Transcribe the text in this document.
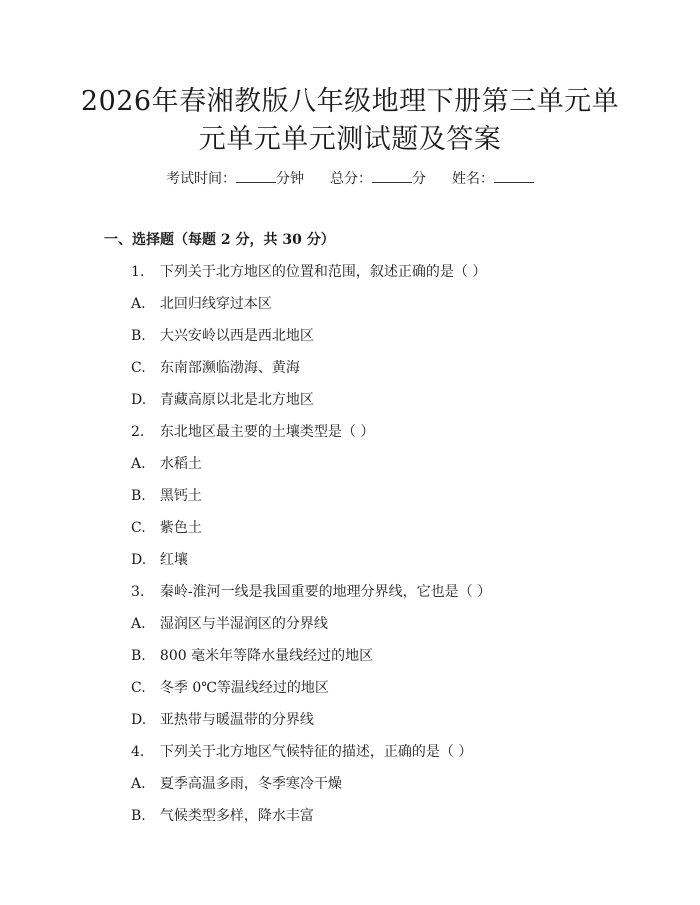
2026年春湘教版八年级地理下册第三单元单
元单元单元测试题及答案
考试时间：	分钟 总分：	分 姓名：
一、选择题（每题 2 分，共 30 分）
1. 下列关于北方地区的位置和范围，叙述正确的是（ ）
A. 北回归线穿过本区
B. 大兴安岭以西是西北地区
C. 东南部濒临渤海、黄海
D. 青藏高原以北是北方地区
2. 东北地区最主要的土壤类型是（ ）
A. 水稻土
B. 黑钙土
C. 紫色土
D. 红壤
3. 秦岭-淮河一线是我国重要的地理分界线，它也是（ ）
A. 湿润区与半湿润区的分界线
B. 800 毫米年等降水量线经过的地区
C. 冬季 0℃等温线经过的地区
D. 亚热带与暖温带的分界线
4. 下列关于北方地区气候特征的描述，正确的是（ ）
A. 夏季高温多雨，冬季寒冷干燥
B. 气候类型多样，降水丰富
